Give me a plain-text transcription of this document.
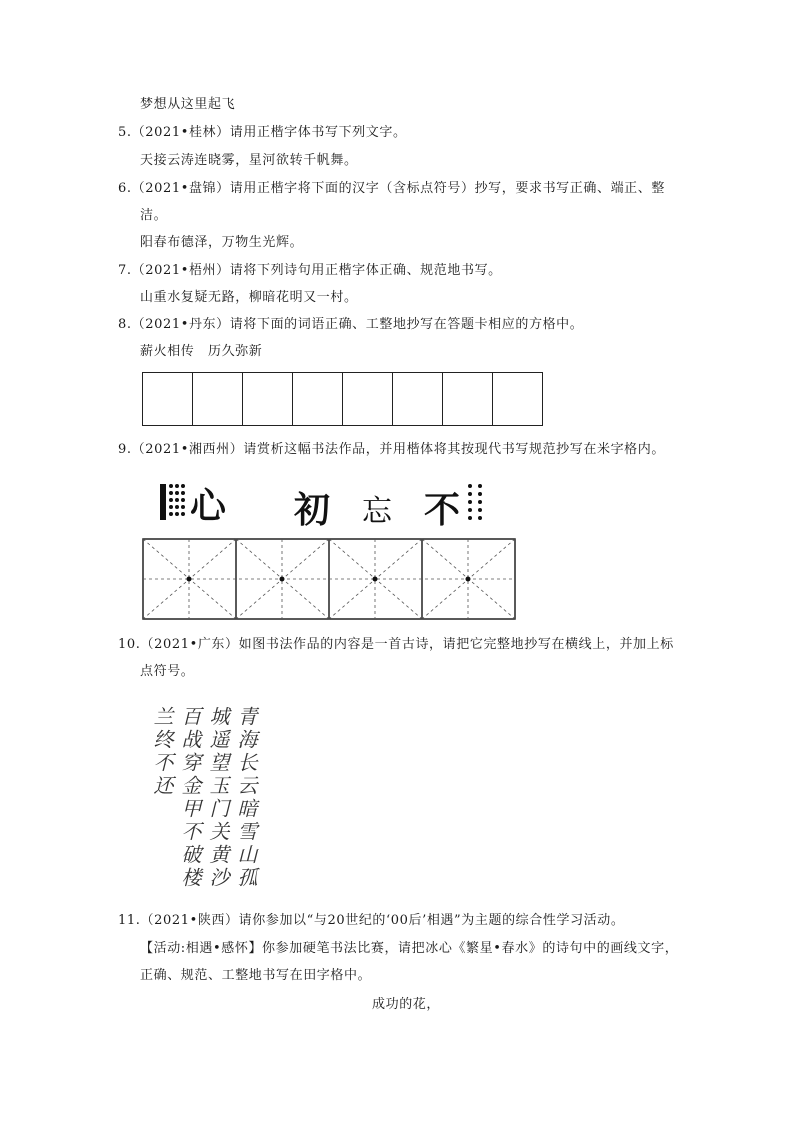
梦想从这里起飞
5.（2021•桂林）请用正楷字体书写下列文字。
天接云涛连晓雾，星河欲转千帆舞。
6.（2021•盘锦）请用正楷字将下面的汉字（含标点符号）抄写，要求书写正确、端正、整
洁。
阳春布德泽，万物生光辉。
7.（2021•梧州）请将下列诗句用正楷字体正确、规范地书写。
山重水复疑无路，柳暗花明又一村。
8.（2021•丹东）请将下面的词语正确、工整地抄写在答题卡相应的方格中。
薪火相传　历久弥新
9.（2021•湘西州）请赏析这幅书法作品，并用楷体将其按现代书写规范抄写在米字格内。
心 初 忘 不
10.（2021•广东）如图书法作品的内容是一首古诗，请把它完整地抄写在横线上，并加上标
点符号。
青海长云暗雪山孤
城遥望玉门关黄沙
百战穿金甲不破楼
兰终不还
11.（2021•陕西）请你参加以“与20世纪的‘00后’相遇”为主题的综合性学习活动。
【活动:相遇•感怀】你参加硬笔书法比赛，请把冰心《繁星•春水》的诗句中的画线文字，
正确、规范、工整地书写在田字格中。
成功的花，
